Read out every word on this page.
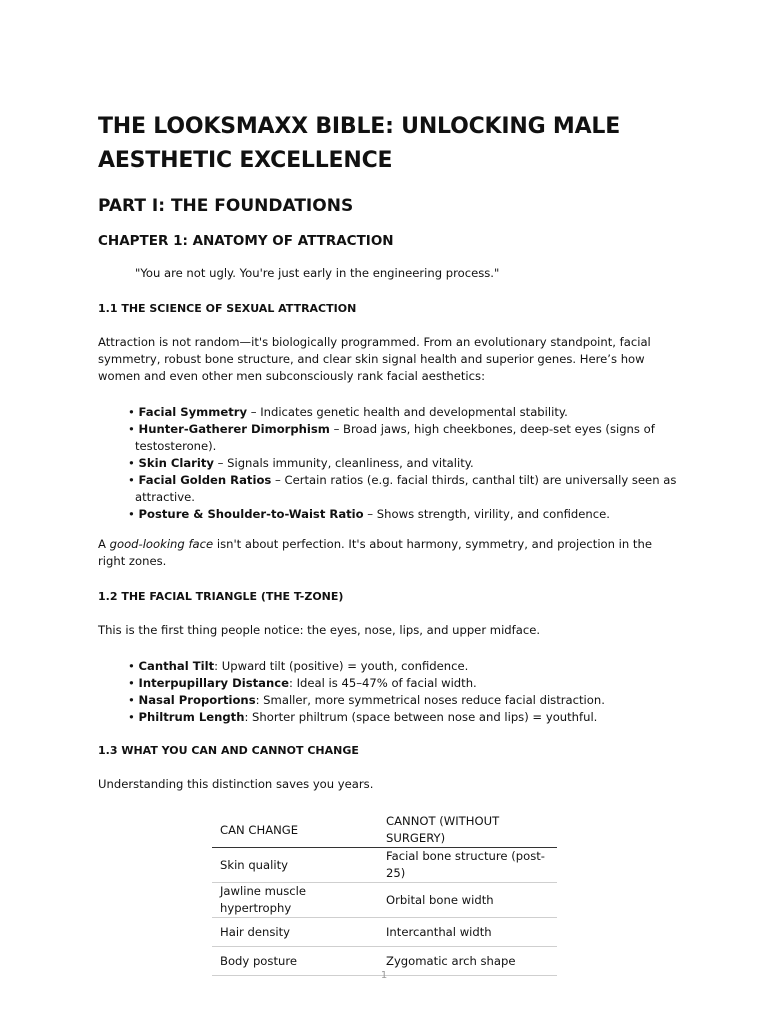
THE LOOKSMAXX BIBLE: UNLOCKING MALE AESTHETIC EXCELLENCE
PART I: THE FOUNDATIONS
CHAPTER 1: ANATOMY OF ATTRACTION

"You are not ugly. You're just early in the engineering process."

1.1 THE SCIENCE OF SEXUAL ATTRACTION

Attraction is not random—it's biologically programmed. From an evolutionary standpoint, facial symmetry, robust bone structure, and clear skin signal health and superior genes. Here’s how women and even other men subconsciously rank facial aesthetics:

• Facial Symmetry – Indicates genetic health and developmental stability.
• Hunter-Gatherer Dimorphism – Broad jaws, high cheekbones, deep-set eyes (signs of testosterone).
• Skin Clarity – Signals immunity, cleanliness, and vitality.
• Facial Golden Ratios – Certain ratios (e.g. facial thirds, canthal tilt) are universally seen as attractive.
• Posture & Shoulder-to-Waist Ratio – Shows strength, virility, and confidence.

A good-looking face isn't about perfection. It's about harmony, symmetry, and projection in the right zones.

1.2 THE FACIAL TRIANGLE (THE T-ZONE)

This is the first thing people notice: the eyes, nose, lips, and upper midface.

• Canthal Tilt: Upward tilt (positive) = youth, confidence.
• Interpupillary Distance: Ideal is 45–47% of facial width.
• Nasal Proportions: Smaller, more symmetrical noses reduce facial distraction.
• Philtrum Length: Shorter philtrum (space between nose and lips) = youthful.
1.3 WHAT YOU CAN AND CANNOT CHANGE

Understanding this distinction saves you years.

CAN CHANGE	CANNOT (WITHOUT SURGERY)
Skin quality	Facial bone structure (post-25)
Jawline muscle hypertrophy	Orbital bone width
Hair density	Intercanthal width
Body posture	Zygomatic arch shape
1
